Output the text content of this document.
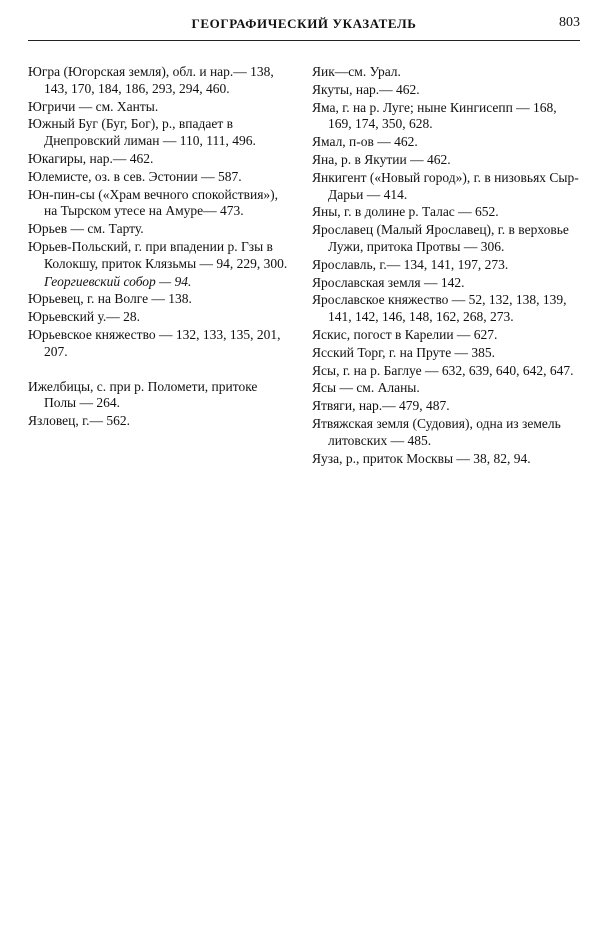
ГЕОГРАФИЧЕСКИЙ УКАЗАТЕЛЬ	803

Югра (Югорская земля), обл. и нар.— 138, 143, 170, 184, 186, 293, 294, 460.

Югричи — см. Ханты.

Южный Буг (Буг, Бог), р., впадает в Днепровский лиман — 110, 111, 496.

Юкагиры, нар.— 462.

Юлемисте, оз. в сев. Эстонии — 587.

Юн-пин-сы («Храм вечного спокойствия»), на Тырском утесе на Амуре— 473.

Юрьев — см. Тарту.

Юрьев-Польский, г. при впадении р. Гзы в Колокшу, приток Клязьмы — 94, 229, 300.

Георгиевский собор — 94.

Юрьевец, г. на Волге — 138.

Юрьевский у.— 28.

Юрьевское княжество — 132, 133, 135, 201, 207.

Ижелбицы, с. при р. Поломети, притоке Полы — 264.

Язловец, г.— 562.

Яик—см. Урал.

Якуты, нар.— 462.

Яма, г. на р. Луге; ныне Кингисепп — 168, 169, 174, 350, 628.

Ямал, п-ов — 462.

Яна, р. в Якутии — 462.

Янкигент («Новый город»), г. в низовьях Сыр-Дарьи — 414.

Яны, г. в долине р. Талас — 652.

Ярославец (Малый Ярославец), г. в верховье Лужи, притока Протвы — 306.

Ярославль, г.— 134, 141, 197, 273.

Ярославская земля — 142.

Ярославское княжество — 52, 132, 138, 139, 141, 142, 146, 148, 162, 268, 273.

Яскис, погост в Карелии — 627.

Ясский Торг, г. на Пруте — 385.

Ясы, г. на р. Баглуе — 632, 639, 640, 642, 647.

Ясы — см. Аланы.

Ятвяги, нар.— 479, 487.

Ятвяжская земля (Судовия), одна из земель литовских — 485.

Яуза, р., приток Москвы — 38, 82, 94.
